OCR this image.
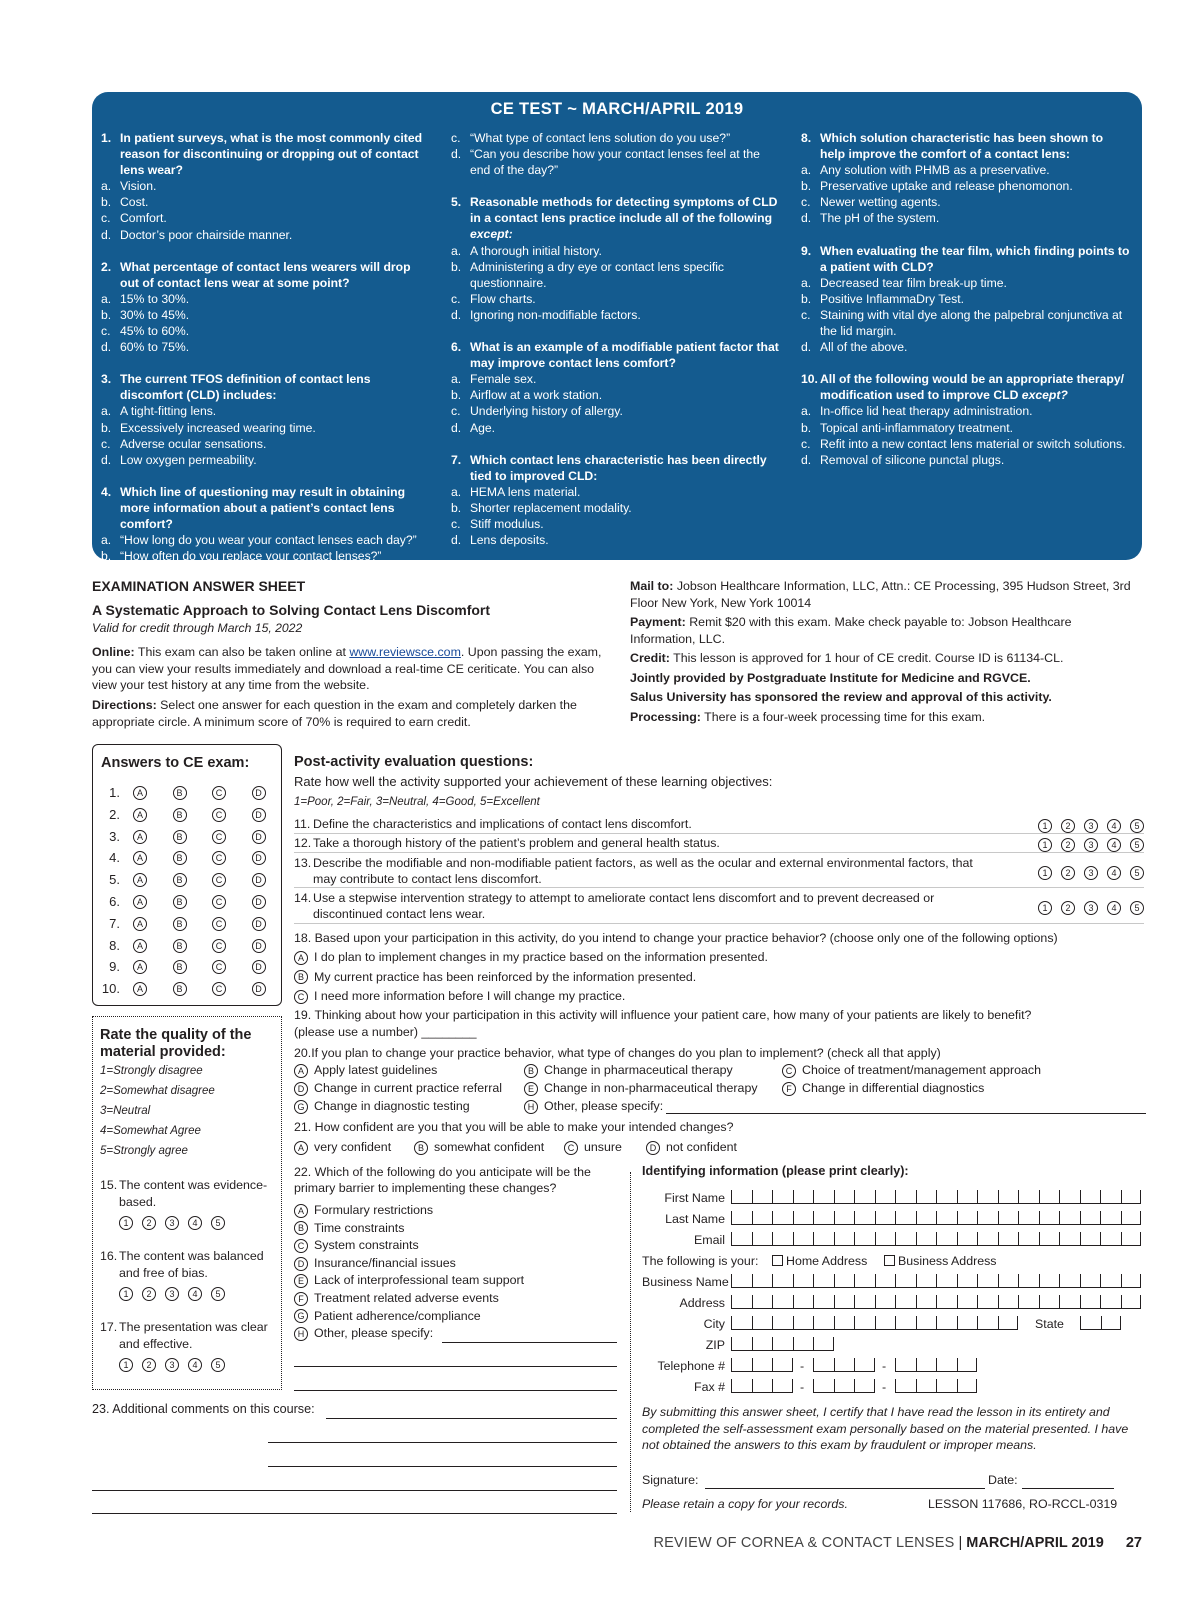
CE TEST ~ MARCH/APRIL 2019
1. In patient surveys, what is the most commonly cited reason for discontinuing or dropping out of contact lens wear?
a. Vision.
b. Cost.
c. Comfort.
d. Doctor’s poor chairside manner.
2. What percentage of contact lens wearers will drop out of contact lens wear at some point?
a. 15% to 30%.
b. 30% to 45%.
c. 45% to 60%.
d. 60% to 75%.
3. The current TFOS definition of contact lens discomfort (CLD) includes:
a. A tight-fitting lens.
b. Excessively increased wearing time.
c. Adverse ocular sensations.
d. Low oxygen permeability.
4. Which line of questioning may result in obtaining more information about a patient’s contact lens comfort?
a. “How long do you wear your contact lenses each day?”
b. “How often do you replace your contact lenses?”
c. “What type of contact lens solution do you use?”
d. “Can you describe how your contact lenses feel at the end of the day?”
5. Reasonable methods for detecting symptoms of CLD in a contact lens practice include all of the following except:
a. A thorough initial history.
b. Administering a dry eye or contact lens specific questionnaire.
c. Flow charts.
d. Ignoring non-modifiable factors.
6. What is an example of a modifiable patient factor that may improve contact lens comfort?
a. Female sex.
b. Airflow at a work station.
c. Underlying history of allergy.
d. Age.
7. Which contact lens characteristic has been directly tied to improved CLD:
a. HEMA lens material.
b. Shorter replacement modality.
c. Stiff modulus.
d. Lens deposits.
8. Which solution characteristic has been shown to help improve the comfort of a contact lens:
a. Any solution with PHMB as a preservative.
b. Preservative uptake and release phenomonon.
c. Newer wetting agents.
d. The pH of the system.
9. When evaluating the tear film, which finding points to a patient with CLD?
a. Decreased tear film break-up time.
b. Positive InflammaDry Test.
c. Staining with vital dye along the palpebral conjunctiva at the lid margin.
d. All of the above.
10. All of the following would be an appropriate therapy/ modification used to improve CLD except?
a. In-office lid heat therapy administration.
b. Topical anti-inflammatory treatment.
c. Refit into a new contact lens material or switch solutions.
d. Removal of silicone punctal plugs.
EXAMINATION ANSWER SHEET
A Systematic Approach to Solving Contact Lens Discomfort
Valid for credit through March 15, 2022
Online: This exam can also be taken online at www.reviewsce.com. Upon passing the exam, you can view your results immediately and download a real-time CE ceriticate. You can also view your test history at any time from the website.
Directions: Select one answer for each question in the exam and completely darken the appropriate circle. A minimum score of 70% is required to earn credit.

Mail to: Jobson Healthcare Information, LLC, Attn.: CE Processing, 395 Hudson Street, 3rd Floor New York, New York 10014

Payment: Remit $20 with this exam. Make check payable to: Jobson Healthcare Information, LLC.

Credit: This lesson is approved for 1 hour of CE credit. Course ID is 61134-CL.

Jointly provided by Postgraduate Institute for Medicine and RGVCE.

Salus University has sponsored the review and approval of this activity.

Processing: There is a four-week processing time for this exam.

Answers to CE exam:
1.	A	B	C	D
2.	A	B	C	D
3.	A	B	C	D
4.	A	B	C	D
5.	A	B	C	D
6.	A	B	C	D
7.	A	B	C	D
8.	A	B	C	D
9.	A	B	C	D
10.	A	B	C	D
Rate the quality of the material provided:
1=Strongly disagree
2=Somewhat disagree
3=Neutral
4=Somewhat Agree
5=Strongly agree
15. The content was evidence-based.
1 2 3 4 5
16. The content was balanced and free of bias.
1 2 3 4 5
17. The presentation was clear and effective.
1 2 3 4 5
Post-activity evaluation questions:
Rate how well the activity supported your achievement of these learning objectives:
1=Poor, 2=Fair, 3=Neutral, 4=Good, 5=Excellent
11. Define the characteristics and implications of contact lens discomfort.	1 2 3 4 5
12. Take a thorough history of the patient’s problem and general health status.	1 2 3 4 5
13. Describe the modifiable and non-modifiable patient factors, as well as the ocular and external environmental factors, that may contribute to contact lens discomfort.	1 2 3 4 5
14. Use a stepwise intervention strategy to attempt to ameliorate contact lens discomfort and to prevent decreased or discontinued contact lens wear.	1 2 3 4 5
18. Based upon your participation in this activity, do you intend to change your practice behavior? (choose only one of the following options)
A I do plan to implement changes in my practice based on the information presented.
B My current practice has been reinforced by the information presented.
C I need more information before I will change my practice.
19. Thinking about how your participation in this activity will influence your patient care, how many of your patients are likely to benefit?
(please use a number) ________
20.If you plan to change your practice behavior, what type of changes do you plan to implement? (check all that apply)
A Apply latest guidelines	B Change in pharmaceutical therapy	C Choice of treatment/management approach
D Change in current practice referral	E Change in non-pharmaceutical therapy	F Change in differential diagnostics
G Change in diagnostic testing	H Other, please specify:
21. How confident are you that you will be able to make your intended changes?
A very confident	B somewhat confident	C unsure	D not confident
22. Which of the following do you anticipate will be the primary barrier to implementing these changes?
A Formulary restrictions
B Time constraints
C System constraints
D Insurance/financial issues
E Lack of interprofessional team support
F Treatment related adverse events
G Patient adherence/compliance
H Other, please specify:
23. Additional comments on this course:
Identifying information (please print clearly):
First Name
Last Name
Email
The following is your:	Home Address	Business Address
Business Name
Address
City	State
ZIP
Telephone #	-	-
Fax #	-	-
By submitting this answer sheet, I certify that I have read the lesson in its entirety and completed the self-assessment exam personally based on the material presented. I have not obtained the answers to this exam by fraudulent or improper means.
Signature:	Date:
Please retain a copy for your records.	LESSON 117686, RO-RCCL-0319
REVIEW OF CORNEA & CONTACT LENSES | MARCH/APRIL 2019 27
